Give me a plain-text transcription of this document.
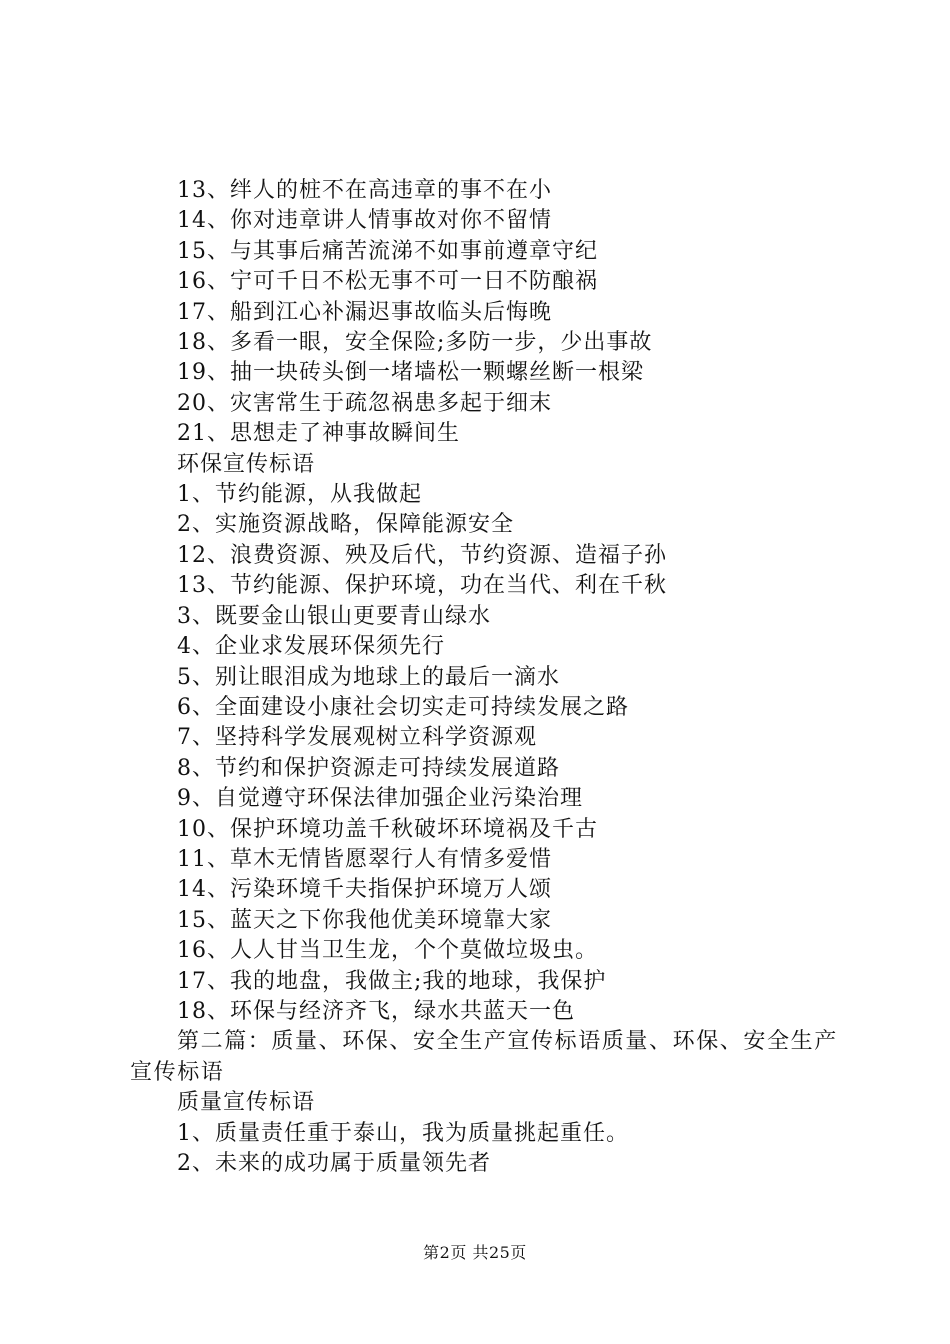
13、绊人的桩不在高违章的事不在小
14、你对违章讲人情事故对你不留情
15、与其事后痛苦流涕不如事前遵章守纪
16、宁可千日不松无事不可一日不防酿祸
17、船到江心补漏迟事故临头后悔晚
18、多看一眼，安全保险;多防一步，少出事故
19、抽一块砖头倒一堵墙松一颗螺丝断一根梁
20、灾害常生于疏忽祸患多起于细末
21、思想走了神事故瞬间生
环保宣传标语
1、节约能源，从我做起
2、实施资源战略，保障能源安全
12、浪费资源、殃及后代，节约资源、造福子孙
13、节约能源、保护环境，功在当代、利在千秋
3、既要金山银山更要青山绿水
4、企业求发展环保须先行
5、别让眼泪成为地球上的最后一滴水
6、全面建设小康社会切实走可持续发展之路
7、坚持科学发展观树立科学资源观
8、节约和保护资源走可持续发展道路
9、自觉遵守环保法律加强企业污染治理
10、保护环境功盖千秋破坏环境祸及千古
11、草木无情皆愿翠行人有情多爱惜
14、污染环境千夫指保护环境万人颂
15、蓝天之下你我他优美环境靠大家
16、人人甘当卫生龙，个个莫做垃圾虫。
17、我的地盘，我做主;我的地球，我保护
18、环保与经济齐飞，绿水共蓝天一色
第二篇：质量、环保、安全生产宣传标语质量、环保、安全生产宣传标语
质量宣传标语
1、质量责任重于泰山，我为质量挑起重任。
2、未来的成功属于质量领先者
第2页 共25页
